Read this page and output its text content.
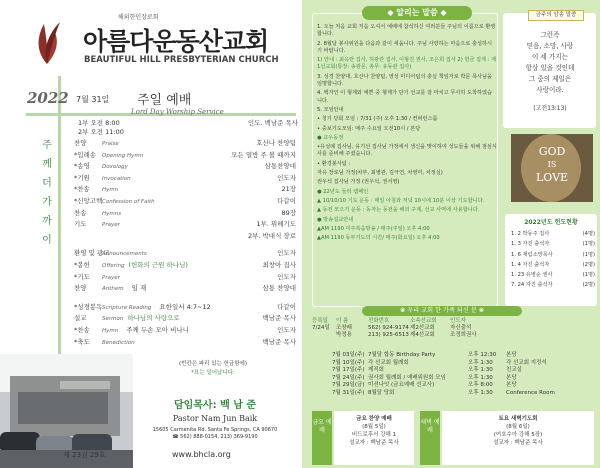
해외한인장로회
아름다운동산교회
BEAUTIFUL HILL PRESBYTERIAN CHURCH
2022
주
께
더
가
까
이
7월 31일 주일 예배
Lord Day Worship Service
1부 오전 8:00	인도. 백남준 목사
2부 오전 11:00
찬양	Praise	호산나 찬양팀
*입례송	Opening Hymn	모든 열방 주 볼 때까지
*송영	Doxology	삼통찬양대
*기원	Invocation	인도자
*찬송	Hymn	21장
*신앙고백 Confession of Faith	다같이
찬송	Hymns	89장
기도	Prayer	1부. 뮈헤기도
2부. 박대식 장로
환영 및 광고
Announcements	인도자
*봉헌	Offering (헌화의 근원 하나님)	최창아 집사
*기도	Prayer	인도자
찬양	Anthem 임 재	삼통 찬양대
*성경봉독 Scripture Reading 요한일서 4:7~12	다같이
설교	Sermon 하나님의 사랑으로	백남준 목사
*찬송	Hymn 주께 두손 모아 비나니	인도자
*축도	Benediction	백남준 목사
(빈칸은 파리 있는 헌금함에)
*표는 일어납니다.
담임목사: 백 남 준
Pastor Nam Jun Baik
15605 Carmenita Rd. Santa Fe Springs, CA 90670
☎ 562) 888-0154, 213) 369-9190
제 23권 29호	www.bhcla.org
◆ 알리는 말씀 ◆

1. 오늘 처음 교회 처음 오셔서 예배에 참석하신 여러분들 주님의 이름으로 환영합니다.

2. 8월달 봉사위원을 다음과 같이 세웁니다. 주님 사랑하는 마음으로 충성하시기 바랍니다.

1) 안내 : 최옥란 집사, 허광란 집사, 이형진 권사, 조은희 집사 2) 헌금 집계 : 제1선교회(통장: 송광문, 총무: 유동관 집사)

3. 성경 찬양대, 호산나 찬양팀, 영성 미디어팀의 충실 책임자로 박문 목사님을 임명합니다.

4. 백자인 이 형제와 예쁜 중 형제가 단기 선교를 잘 마치고 무사히 도착하였습니다.

5. 모임안내

• 청기 당회 모임 : 7/31 (주) 오후 1:30 / 컨퍼런스룸

• 중보기도모임: 매주 수요일 오전10시 / 본당

● 교우동정

•유성례 집사님, 유기선 집사님 가정에서 생신을 맞이하여 성도들을 위해 점심식사를 준비해 주셨습니다.

• 환경봉사팀 :

자유 장로님 가정(차부, 최병관, 김극연, 차영미, 차정실)

권우석 집사님 가정 (권우석, 권서영)

● 22년도 둘러 캠페인

▲ 10/10/10 기도 운동 : 매일 아침과 저녁 10시에 10분 이상 기도합니다.

▲ 동전 모으기 운동 : 동자는 동전을 해외 구제, 선교 사역에 사용합니다.

● 방송설교안내

▲AM 1190 미주복음방송 / 매주(주일) 오후 4:00

▲AM 1190 동부기도의 시간/ 매주(화요일) 오후 4:00

금주의 암송 말씀
그런즉
믿음, 소망, 사랑
이 세 가지는
항상 있을 것인데
그 중의 제일은
사랑이라.
(고전13:13)
GOD
IS
LOVE
2022년도 헌도현황
1. 2 박동주 집사	(4명)
1. 3 자진 출석자	(1명)
1. 6 재림소망목사	(1명)
1. 4 자진 출석자	(2명)
1. 23 유병순 권사	(1명)
7. 24 자진 출석자	(2명)
❀ 우리 교회 한 가족 되신 분 ❀
등록일	이 름	전화번호	소속선교회	인도자
7/24일	조창래	562) 924-9174 제2선교회	자신출석
박정용	213) 925-6513 제4선교회	조정희권사
7월 03일(주) 7월달 합동 Birthday Party	오후 12:30	본당
7월 10일(주) 각 선교회 월례회	오후 1:30	각 선교회 지정석
7월 17일(주) 제직회	오후 1:30	친교실
7월 24일(주) 권사회 월례회 / 예배위원회 모임	오후 1:30	본당
7월 29일(금) 미션나잇 (금요예배 선교사)	오후 8:00	본당
7월 31일(주) 8월달 당회	오후 1:30	Conference Room
금요 예배
금요 찬양 예배
(8월 5일)
비드로후서 강해 1
설교자 : 백남준 목사
새벽 예배
토요 새벽기도회
(8월 6일)
(여호수아 강해 5장)
설교자 : 백남준 목사
